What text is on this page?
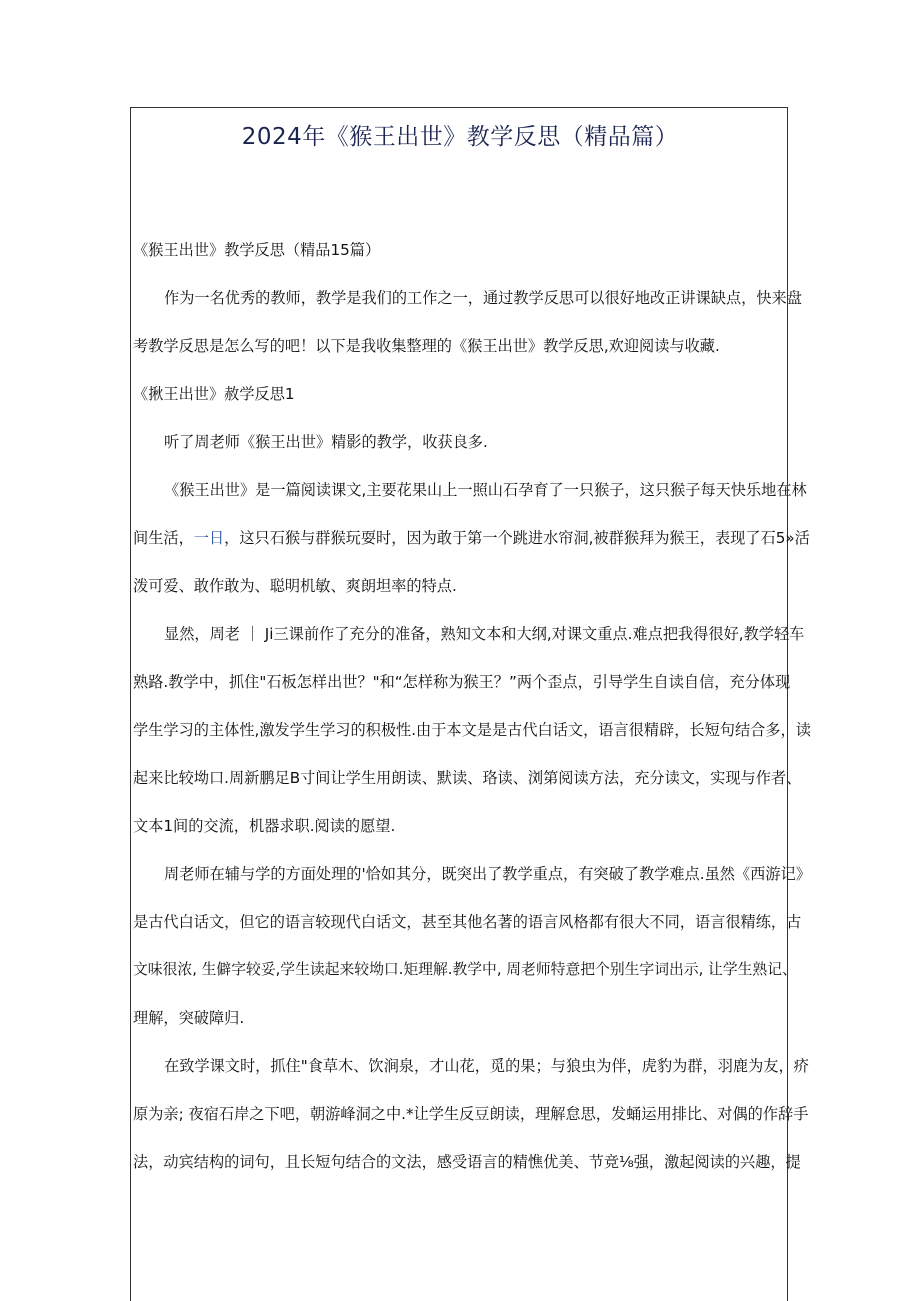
2024年《猴王出世》教学反思（精品篇）
《猴王出世》教学反思（精品15篇）
作为一名优秀的教师，教学是我们的工作之一，通过教学反思可以很好地改正讲课缺点，快来盘
考教学反思是怎么写的吧！以下是我收集整理的《猴王出世》教学反思,欢迎阅读与收藏.
《揪王出世》赦学反思1
听了周老师《猴王出世》精影的教学，收获良多.
《猴王出世》是一篇阅读课文,主要花果山上一照山石孕育了一只猴子，这只猴子每天快乐地在林
间生活，一日，这只石猴与群猴玩耍时，因为敢于第一个跳进水帘洞,被群猴拜为猴王，表现了石5»活
泼可爱、敢作敢为、聪明机敏、爽朗坦率的特点.
显然，周老 ｜ Ji三课前作了充分的准备，熟知文本和大纲,对课文重点.难点把我得很好,教学轻车
熟路.教学中，抓住"石板怎样出世？"和“怎样称为猴王？”两个歪点，引导学生自读自信，充分体现
学生学习的主体性,激发学生学习的积极性.由于本文是是古代白话文，语言很精辟，长短句结合多，读
起来比较坳口.周新鹏足B寸间让学生用朗读、默读、珞读、浏第阅读方法，充分读文，实现与作者、
文本1间的交流，机器求职.阅读的愿望.
周老师在辅与学的方面处理的'恰如其分，既突出了教学重点，有突破了教学难点.虽然《西游记》
是古代白话文，但它的语言较现代白话文，甚至其他名著的语言风格都有很大不同，语言很精练，古
文味很浓, 生僻字较妥,学生读起来较坳口.矩理解.教学中, 周老师特意把个别生字词出示, 让学生熟记、
理解，突破障归.
在致学课文时，抓住"食草木、饮涧泉，才山花，觅的果；与狼虫为伴，虎豹为群，羽鹿为友，疥
原为亲; 夜宿石岸之下吧，朝游峰洞之中.*让学生反豆朗读，理解怠思，发蛹运用排比、对偶的作辞手
法，动宾结构的词句，且长短句结合的文法，感受语言的精憔优美、节竞⅛强，激起阅读的兴趣，提
